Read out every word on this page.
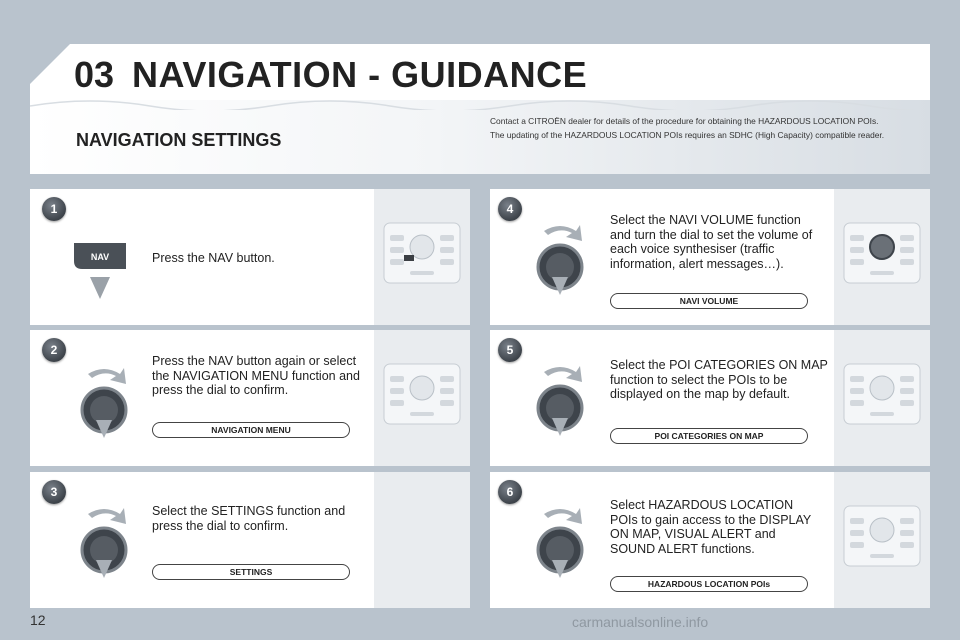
03 NAVIGATION - GUIDANCE
NAVIGATION SETTINGS

Contact a CITROËN dealer for details of the procedure for obtaining the HAZARDOUS LOCATION POIs.

The updating of the HAZARDOUS LOCATION POIs requires an SDHC (High Capacity) compatible reader.

1
NAV	Press the NAV button.
2
Press the NAV button again or select the NAVIGATION MENU function and press the dial to confirm.
NAVIGATION MENU
3
Select the SETTINGS function and press the dial to confirm.
SETTINGS
4
Select the NAVI VOLUME function and turn the dial to set the volume of each voice synthesiser (traffic information, alert messages…).
NAVI VOLUME
5
Select the POI CATEGORIES ON MAP function to select the POIs to be displayed on the map by default.
POI CATEGORIES ON MAP
6
Select HAZARDOUS LOCATION POIs to gain access to the DISPLAY ON MAP, VISUAL ALERT and SOUND ALERT functions.
HAZARDOUS LOCATION POIs
12	carmanualsonline.info
